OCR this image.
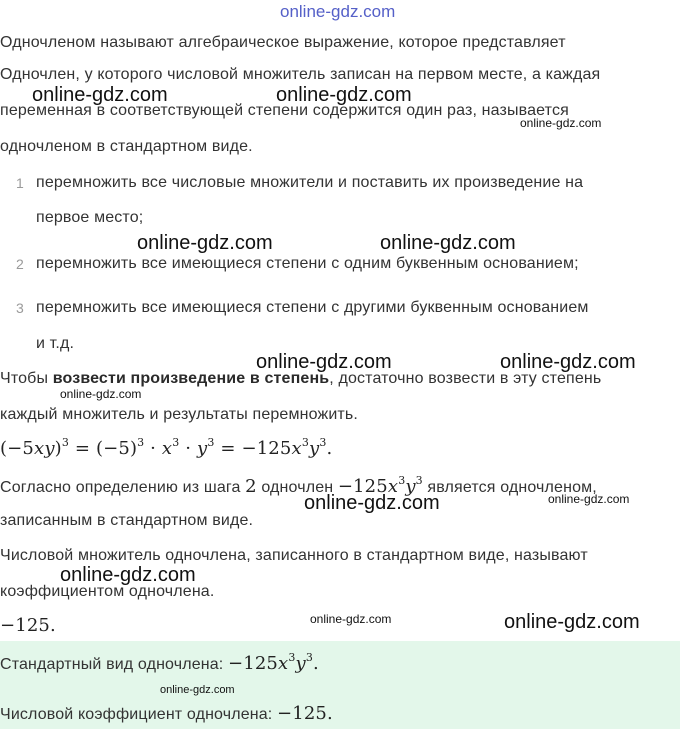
online-gdz.com
Одночленом называют алгебраическое выражение, которое представляет
Одночлен, у которого числовой множитель записан на первом месте, а каждая
переменная в соответствующей степени содержится один раз, называется
одночленом в стандартном виде.
1 перемножить все числовые множители и поставить их произведение на
первое место;
2 перемножить все имеющиеся степени с одним буквенным основанием;
3 перемножить все имеющиеся степени с другими буквенным основанием
и т.д.
Чтобы возвести произведение в степень, достаточно возвести в эту степень
каждый множитель и результаты перемножить.
$(-5xy)^3 = (-5)^3 \cdot x^3 \cdot y^3 = -125x^3y^3$.
Согласно определению из шага 2 одночлен $-125x^3y^3$ является одночленом,
записанным в стандартном виде.
Числовой множитель одночлена, записанного в стандартном виде, называют
коэффициентом одночлена.
−125.
Стандартный вид одночлена: $-125x^3y^3$.
Числовой коэффициент одночлена: −125.
online-gdz.com	online-gdz.com
online-gdz.com
online-gdz.com	online-gdz.com
online-gdz.com	online-gdz.com
online-gdz.com
online-gdz.com	online-gdz.com
online-gdz.com
online-gdz.com	online-gdz.com
online-gdz.com
